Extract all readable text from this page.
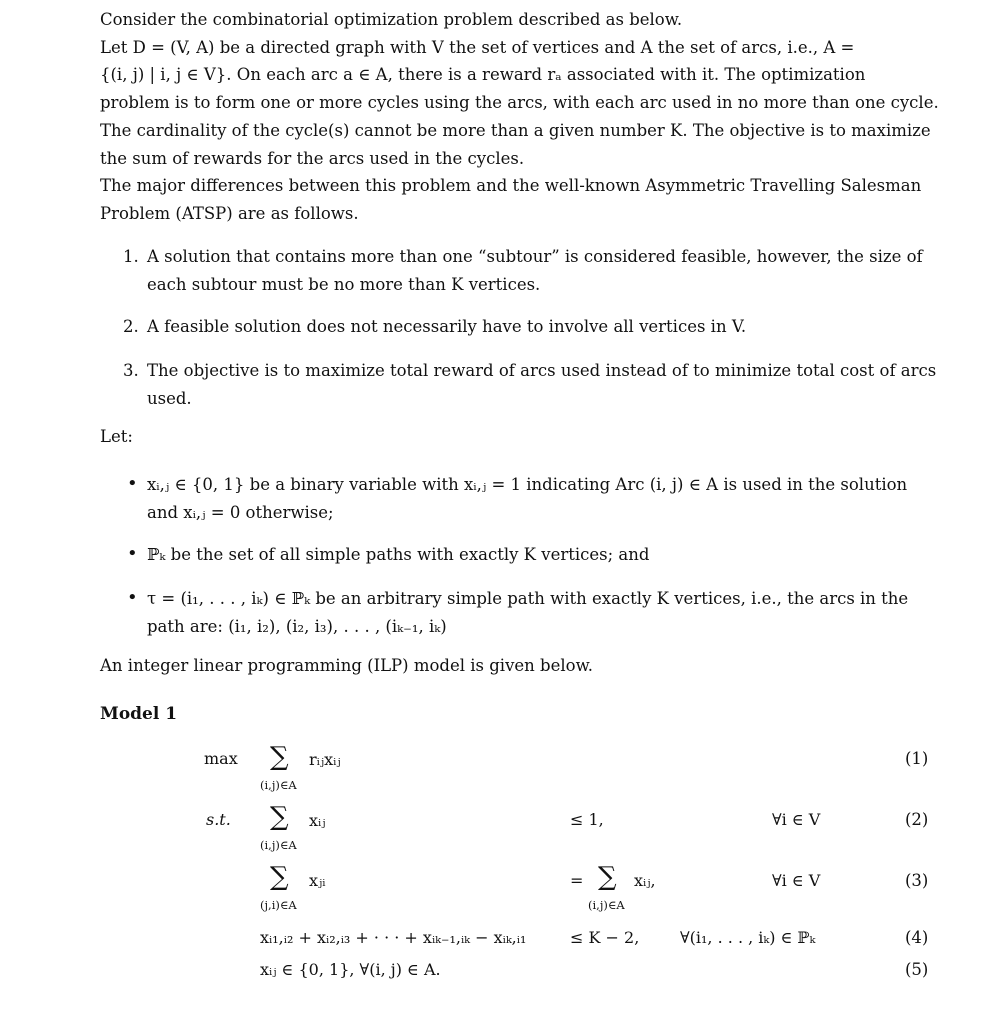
Consider the combinatorial optimization problem described as below.
Let D = (V, A) be a directed graph with V the set of vertices and A the set of arcs, i.e., A =
{(i, j) | i, j ∈ V}. On each arc a ∈ A, there is a reward rₐ associated with it. The optimization
problem is to form one or more cycles using the arcs, with each arc used in no more than one cycle.
The cardinality of the cycle(s) cannot be more than a given number K. The objective is to maximize
the sum of rewards for the arcs used in the cycles.
The major differences between this problem and the well-known Asymmetric Travelling Salesman
Problem (ATSP) are as follows.
1. A solution that contains more than one “subtour” is considered feasible, however, the size of
each subtour must be no more than K vertices.
2. A feasible solution does not necessarily have to involve all vertices in V.
3. The objective is to maximize total reward of arcs used instead of to minimize total cost of arcs
used.
Let:
• xᵢ,ⱼ ∈ {0, 1} be a binary variable with xᵢ,ⱼ = 1 indicating Arc (i, j) ∈ A is used in the solution
and xᵢ,ⱼ = 0 otherwise;
• ℙₖ be the set of all simple paths with exactly K vertices; and
• τ = (i₁, . . . , iₖ) ∈ ℙₖ be an arbitrary simple path with exactly K vertices, i.e., the arcs in the
path are: (i₁, i₂), (i₂, i₃), . . . , (iₖ₋₁, iₖ)
An integer linear programming (ILP) model is given below.
Model 1
max ∑ rᵢⱼxᵢⱼ
(i,j)∈A
(1)
s.t. ∑ xᵢⱼ
(i,j)∈A
≤ 1,	∀i ∈ V	(2)
∑ xⱼᵢ
(j,i)∈A
= ∑ xᵢⱼ,
(i,j)∈A
∀i ∈ V	(3)
xᵢ₁,ᵢ₂ + xᵢ₂,ᵢ₃ + · · · + xᵢₖ₋₁,ᵢₖ − xᵢₖ,ᵢ₁	≤ K − 2,	∀(i₁, . . . , iₖ) ∈ ℙₖ	(4)
xᵢⱼ ∈ {0, 1}, ∀(i, j) ∈ A.	(5)
